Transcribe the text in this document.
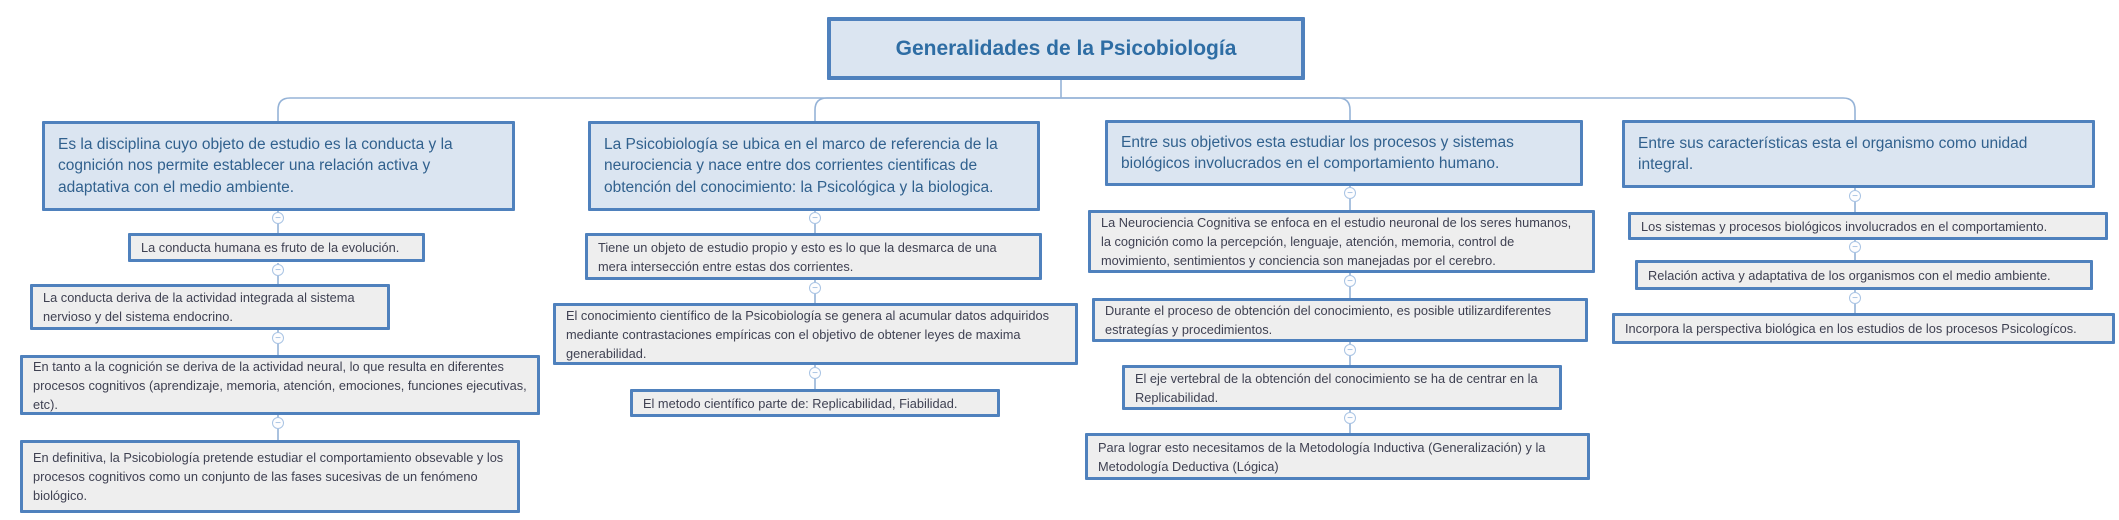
Generalidades de la Psicobiología
Es la disciplina cuyo objeto de estudio es la conducta y la cognición nos permite establecer una relación activa y adaptativa con el medio ambiente.
La conducta humana es fruto de la evolución.
La conducta deriva de la actividad integrada al sistema nervioso y del sistema endocrino.
En tanto a la cognición se deriva de la actividad neural, lo que resulta en diferentes procesos cognitivos (aprendizaje, memoria, atención, emociones, funciones ejecutivas, etc).
En definitiva, la Psicobiología pretende estudiar el comportamiento obsevable y los procesos cognitivos como un conjunto de las fases sucesivas de un fenómeno biológico.
La Psicobiología se ubica en el marco de referencia de la neurociencia y nace entre dos corrientes cientificas de obtención del conocimiento: la Psicológica y la biologica.
Tiene un objeto de estudio propio y esto es lo que la desmarca de una mera intersección entre estas dos corrientes.
El conocimiento científico de la Psicobiología se genera al acumular datos adquiridos mediante contrastaciones empíricas con el objetivo de obtener leyes de maxima generabilidad.
El metodo científico parte de: Replicabilidad, Fiabilidad.
Entre sus objetivos esta estudiar los procesos y sistemas biológicos involucrados en el comportamiento humano.
La Neurociencia Cognitiva se enfoca en el estudio neuronal de los seres humanos, la cognición como la percepción, lenguaje, atención, memoria, control de movimiento, sentimientos y conciencia son manejadas por el cerebro.
Durante el proceso de obtención del conocimiento, es posible utilizardiferentes estrategías y procedimientos.
El eje vertebral de la obtención del conocimiento se ha de centrar en la Replicabilidad.
Para lograr esto necesitamos de la Metodología Inductiva (Generalización) y la Metodología Deductiva (Lógica)
Entre sus características esta el organismo como unidad integral.
Los sistemas y procesos biológicos involucrados en el comportamiento.
Relación activa y adaptativa de los organismos con el medio ambiente.
Incorpora la perspectiva biológica en los estudios de los procesos Psicologícos.
−
−
−
−
−
−
−
−
−
−
−
−
−
−
